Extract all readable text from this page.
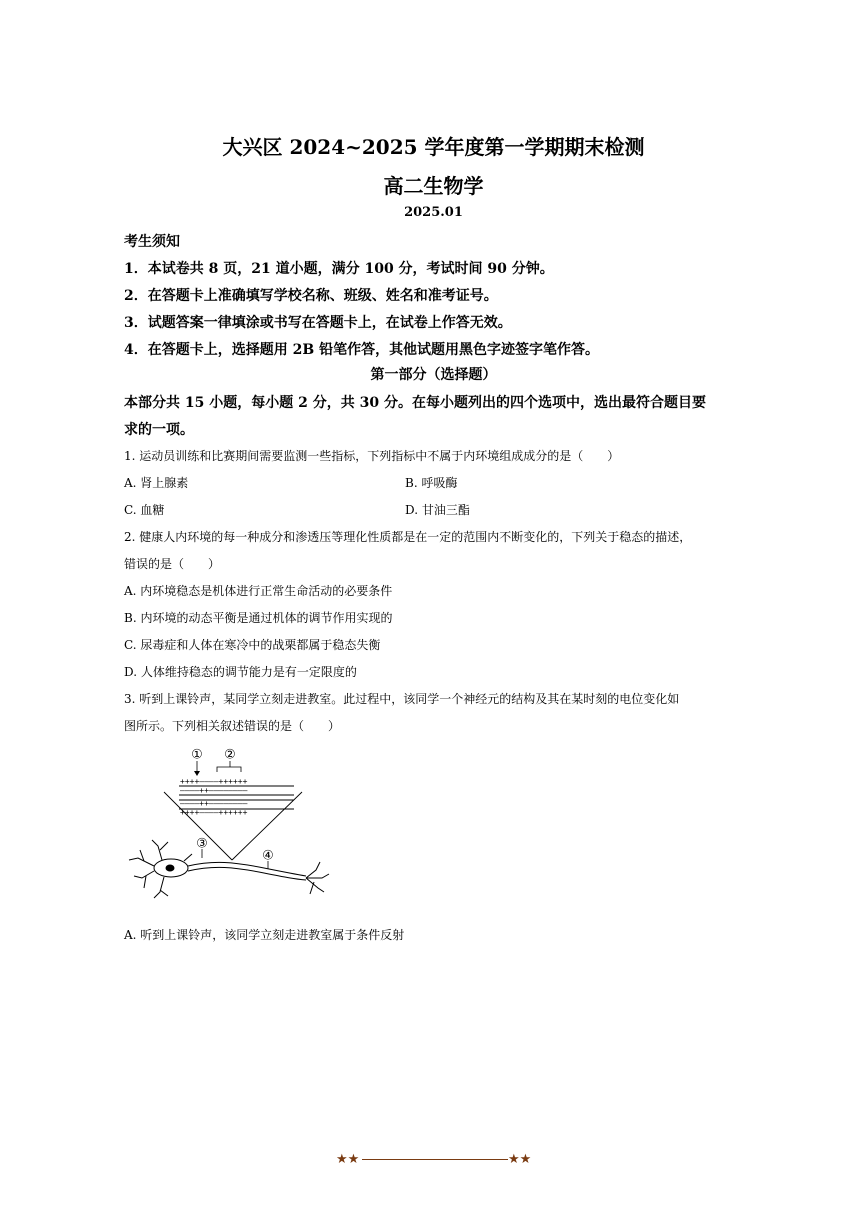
大兴区 2024~2025 学年度第一学期期末检测
高二生物学
2025.01
考生须知
1．本试卷共 8 页，21 道小题，满分 100 分，考试时间 90 分钟。
2．在答题卡上准确填写学校名称、班级、姓名和准考证号。
3．试题答案一律填涂或书写在答题卡上，在试卷上作答无效。
4．在答题卡上，选择题用 2B 铅笔作答，其他试题用黑色字迹签字笔作答。
第一部分（选择题）
本部分共 15 小题，每小题 2 分，共 30 分。在每小题列出的四个选项中，选出最符合题目要
求的一项。
1. 运动员训练和比赛期间需要监测一些指标，下列指标中不属于内环境组成成分的是（　　）
A. 肾上腺素	B. 呼吸酶
C. 血糖	D. 甘油三酯
2. 健康人内环境的每一种成分和渗透压等理化性质都是在一定的范围内不断变化的，下列关于稳态的描述，
错误的是（　　）
A. 内环境稳态是机体进行正常生命活动的必要条件
B. 内环境的动态平衡是通过机体的调节作用实现的
C. 尿毒症和人体在寒冷中的战栗都属于稳态失衡
D. 人体维持稳态的调节能力是有一定限度的
3. 听到上课铃声，某同学立刻走进教室。此过程中，该同学一个神经元的结构及其在某时刻的电位变化如
图所示。下列相关叙述错误的是（　　）
① ②
++++––––++++++
––––++––––––––
––––++––––––––
++++––––++++++
③
④
A. 听到上课铃声，该同学立刻走进教室属于条件反射
★★	★★
